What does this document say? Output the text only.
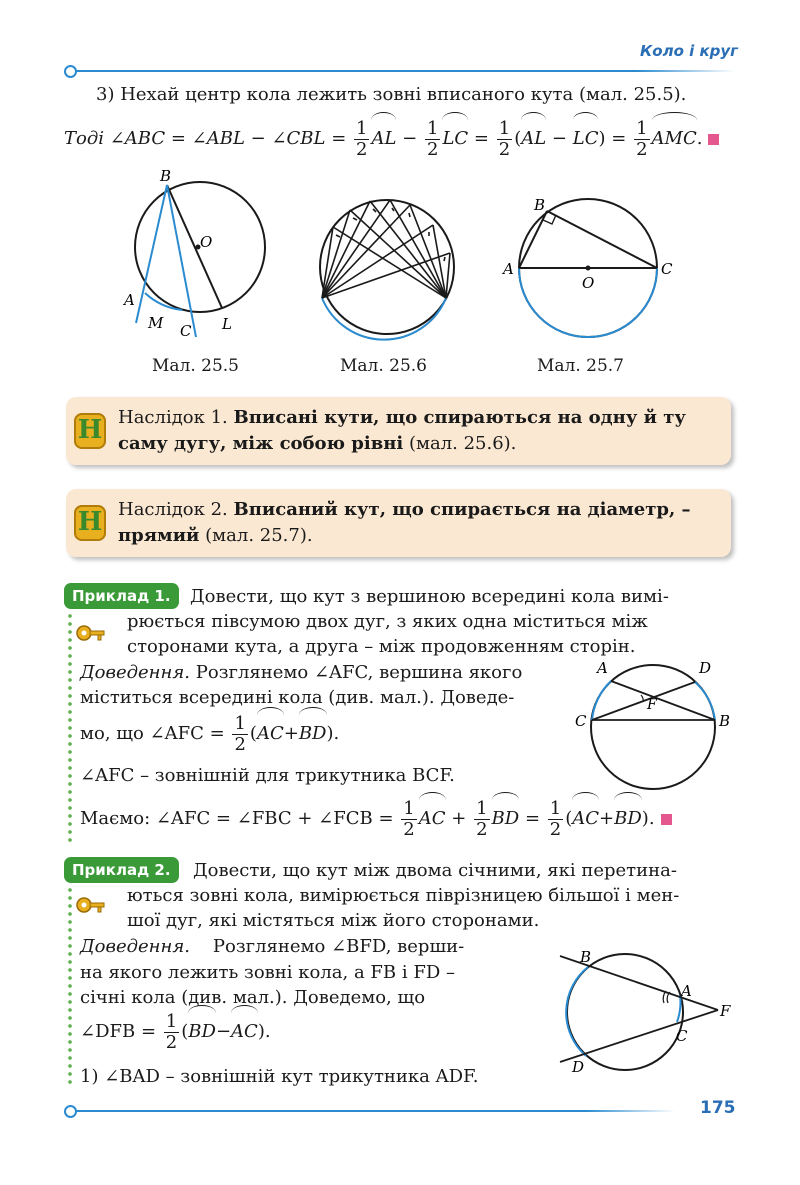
Коло і круг
3) Нехай центр кола лежить зовні вписаного кута (мал. 25.5).
Тоді ∠ABC = ∠ABL − ∠CBL = $\frac{1}{2}$ AL − $\frac{1}{2}$ LC = $\frac{1}{2} (AL - LC) = \frac{1}{2}$ AMC.
B
O
A
M C L
B
A
O
C
Мал. 25.5	Мал. 25.6	Мал. 25.7
Н Наслідок 1. Вписані кути, що спираються на одну й ту
саму дугу, між собою рівні (мал. 25.6).
Н Наслідок 2. Вписаний кут, що спирається на діаметр, –
прямий (мал. 25.7).
Приклад 1.	Довести, що кут з вершиною всередині кола вимі-
рюється півсумою двох дуг, з яких одна міститься між
сторонами кута, а друга – між продовженням сторін.
Доведення. Розглянемо ∠AFC, вершина якого
міститься всередині кола (див. мал.). Доведе-
мо, що ∠AFC = $\frac{1}{2} (AC+BD)$.
∠AFC – зовнішній для трикутника BCF.
Маємо: ∠AFC = ∠FBC + ∠FCB = $\frac{1}{2}$ AC + $\frac{1}{2}$ BD = $\frac{1}{2} (AC+BD)$.
A	D
F
C	B
Приклад 2.	Довести, що кут між двома січними, які перетина-
ються зовні кола, вимірюється піврізницею більшої і мен-
шої дуг, які містяться між його сторонами.
Доведення. Розглянемо ∠BFD, верши-
на якого лежить зовні кола, а FB і FD –
січні кола (див. мал.). Доведемо, що
∠DFB = $\frac{1}{2} (BD-AC)$.
1) ∠BAD – зовнішній кут трикутника ADF.
B
A
F
C
D
175
